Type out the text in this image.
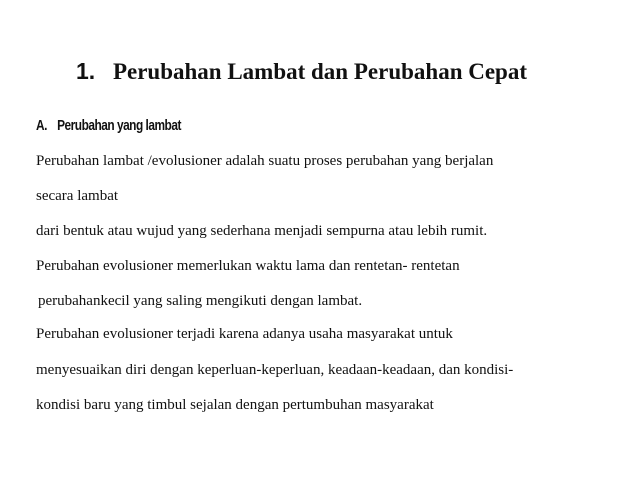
1. Perubahan Lambat dan Perubahan Cepat
A. Perubahan yang lambat
Perubahan lambat /evolusioner adalah suatu proses perubahan yang berjalan
secara lambat
dari bentuk atau wujud yang sederhana menjadi sempurna atau lebih rumit.
Perubahan evolusioner memerlukan waktu lama dan rentetan- rentetan
perubahankecil yang saling mengikuti dengan lambat.
Perubahan evolusioner terjadi karena adanya usaha masyarakat untuk
menyesuaikan diri dengan keperluan-keperluan, keadaan-keadaan, dan kondisi-
kondisi baru yang timbul sejalan dengan pertumbuhan masyarakat
